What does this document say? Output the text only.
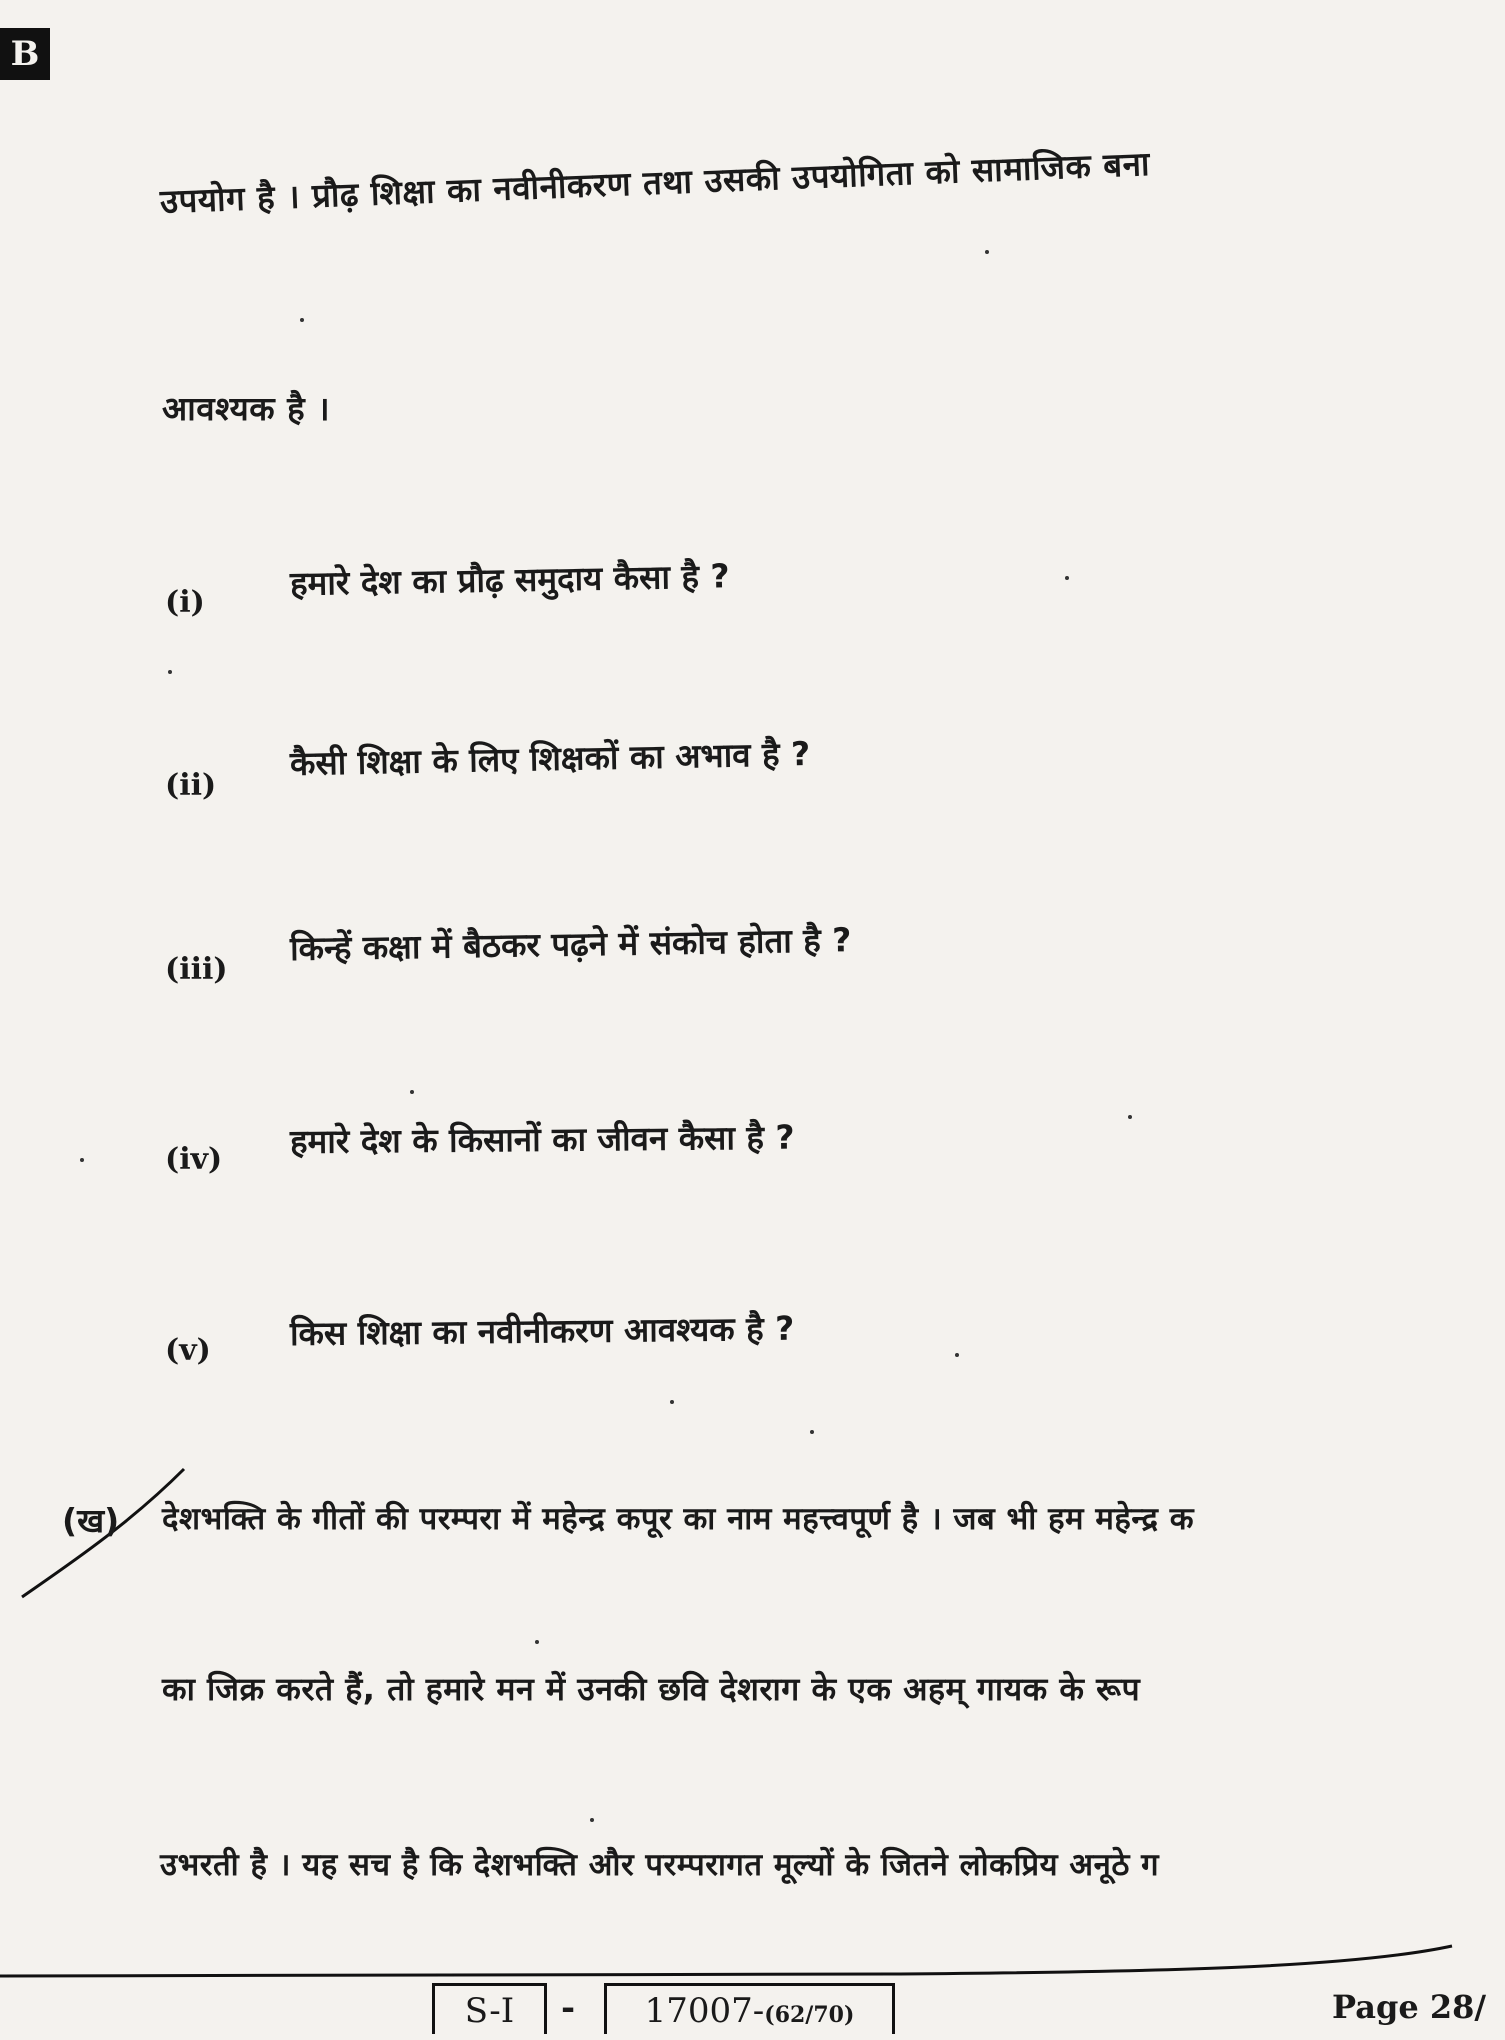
B
उपयोग है । प्रौढ़ शिक्षा का नवीनीकरण तथा उसकी उपयोगिता को सामाजिक बना
आवश्यक है ।
(i)	हमारे देश का प्रौढ़ समुदाय कैसा है ?
(ii)
कैसी शिक्षा के लिए शिक्षकों का अभाव है ?
(iii)
किन्हें कक्षा में बैठकर पढ़ने में संकोच होता है ?
(iv) हमारे देश के किसानों का जीवन कैसा है ?
(v) किस शिक्षा का नवीनीकरण आवश्यक है ?
(ख) देशभक्ति के गीतों की परम्परा में महेन्द्र कपूर का नाम महत्त्वपूर्ण है । जब भी हम महेन्द्र क
का जिक्र करते हैं, तो हमारे मन में उनकी छवि देशराग के एक अहम् गायक के रूप
उभरती है । यह सच है कि देशभक्ति और परम्परागत मूल्यों के जितने लोकप्रिय अनूठे ग
S-I	-	17007-(62/70)	Page 28/
